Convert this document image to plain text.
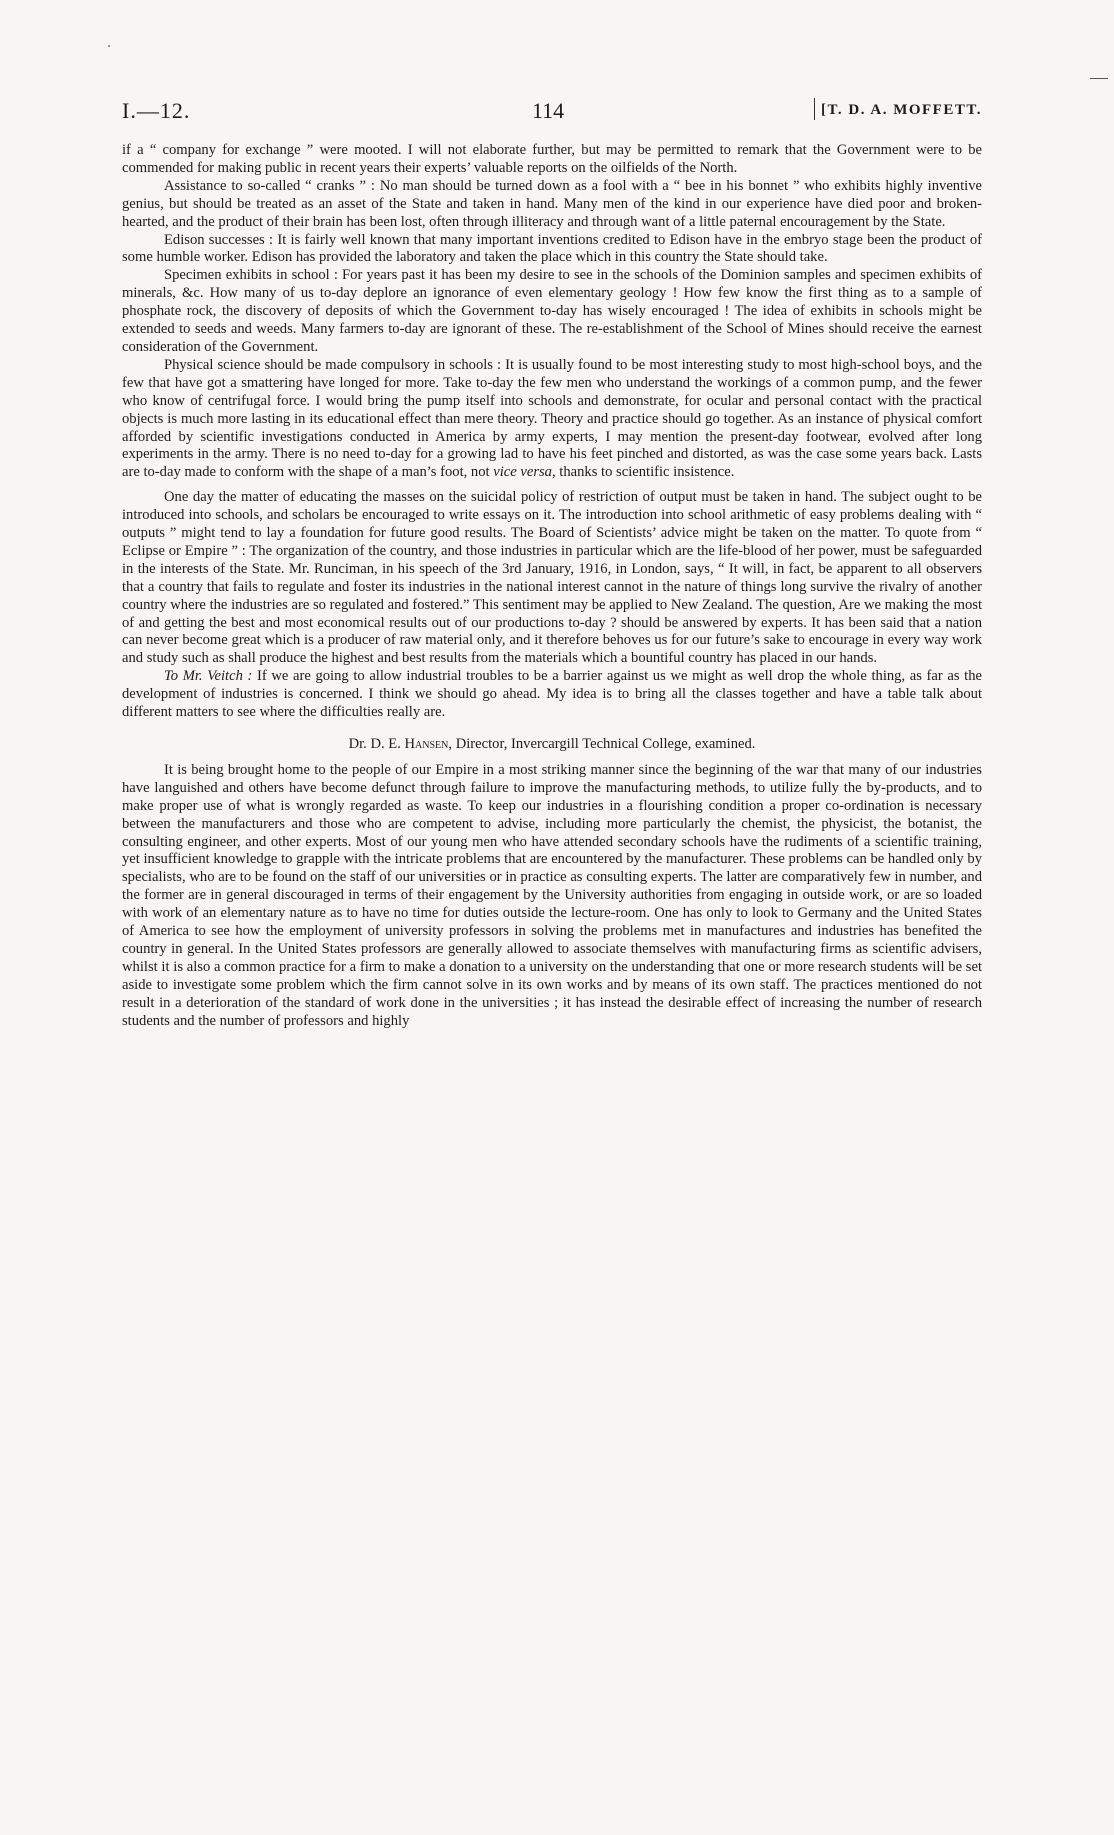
I.—12.	114	[T. D. A. MOFFETT.

if a “ company for exchange ” were mooted. I will not elaborate further, but may be permitted to remark that the Government were to be commended for making public in recent years their experts’ valuable reports on the oilfields of the North.

Assistance to so-called “ cranks ” : No man should be turned down as a fool with a “ bee in his bonnet ” who exhibits highly inventive genius, but should be treated as an asset of the State and taken in hand. Many men of the kind in our experience have died poor and broken-hearted, and the product of their brain has been lost, often through illiteracy and through want of a little paternal encouragement by the State.

Edison successes : It is fairly well known that many important inventions credited to Edison have in the embryo stage been the product of some humble worker. Edison has provided the laboratory and taken the place which in this country the State should take.

Specimen exhibits in school : For years past it has been my desire to see in the schools of the Dominion samples and specimen exhibits of minerals, &c. How many of us to-day deplore an ignorance of even elementary geology ! How few know the first thing as to a sample of phosphate rock, the discovery of deposits of which the Government to-day has wisely encouraged ! The idea of exhibits in schools might be extended to seeds and weeds. Many farmers to-day are ignorant of these. The re-establishment of the School of Mines should receive the earnest consideration of the Government.

Physical science should be made compulsory in schools : It is usually found to be most interesting study to most high-school boys, and the few that have got a smattering have longed for more. Take to-day the few men who understand the workings of a common pump, and the fewer who know of centrifugal force. I would bring the pump itself into schools and demonstrate, for ocular and personal contact with the practical objects is much more lasting in its educational effect than mere theory. Theory and practice should go together. As an instance of physical comfort afforded by scientific investigations conducted in America by army experts, I may mention the present-day footwear, evolved after long experiments in the army. There is no need to-day for a growing lad to have his feet pinched and distorted, as was the case some years back. Lasts are to-day made to conform with the shape of a man’s foot, not vice versa, thanks to scientific insistence.

One day the matter of educating the masses on the suicidal policy of restriction of output must be taken in hand. The subject ought to be introduced into schools, and scholars be encouraged to write essays on it. The introduction into school arithmetic of easy problems dealing with “ outputs ” might tend to lay a foundation for future good results. The Board of Scientists’ advice might be taken on the matter. To quote from “ Eclipse or Empire ” : The organization of the country, and those industries in particular which are the life-blood of her power, must be safeguarded in the interests of the State. Mr. Runciman, in his speech of the 3rd January, 1916, in London, says, “ It will, in fact, be apparent to all observers that a country that fails to regulate and foster its industries in the national interest cannot in the nature of things long survive the rivalry of another country where the industries are so regulated and fostered.” This sentiment may be applied to New Zealand. The question, Are we making the most of and getting the best and most economical results out of our productions to-day ? should be answered by experts. It has been said that a nation can never become great which is a producer of raw material only, and it therefore behoves us for our future’s sake to encourage in every way work and study such as shall produce the highest and best results from the materials which a bountiful country has placed in our hands.

To Mr. Veitch : If we are going to allow industrial troubles to be a barrier against us we might as well drop the whole thing, as far as the development of industries is concerned. I think we should go ahead. My idea is to bring all the classes together and have a table talk about different matters to see where the difficulties really are.

Dr. D. E. Hansen, Director, Invercargill Technical College, examined.

It is being brought home to the people of our Empire in a most striking manner since the beginning of the war that many of our industries have languished and others have become defunct through failure to improve the manufacturing methods, to utilize fully the by-products, and to make proper use of what is wrongly regarded as waste. To keep our industries in a flourishing condition a proper co-ordination is necessary between the manufacturers and those who are competent to advise, including more particularly the chemist, the physicist, the botanist, the consulting engineer, and other experts. Most of our young men who have attended secondary schools have the rudiments of a scientific training, yet insufficient knowledge to grapple with the intricate problems that are encountered by the manufacturer. These problems can be handled only by specialists, who are to be found on the staff of our universities or in practice as consulting experts. The latter are comparatively few in number, and the former are in general discouraged in terms of their engagement by the University authorities from engaging in outside work, or are so loaded with work of an elementary nature as to have no time for duties outside the lecture-room. One has only to look to Germany and the United States of America to see how the employment of university professors in solving the problems met in manufactures and industries has benefited the country in general. In the United States professors are generally allowed to associate themselves with manufacturing firms as scientific advisers, whilst it is also a common practice for a firm to make a donation to a university on the understanding that one or more research students will be set aside to investigate some problem which the firm cannot solve in its own works and by means of its own staff. The practices mentioned do not result in a deterioration of the standard of work done in the universities ; it has instead the desirable effect of increasing the number of research students and the number of professors and highly
